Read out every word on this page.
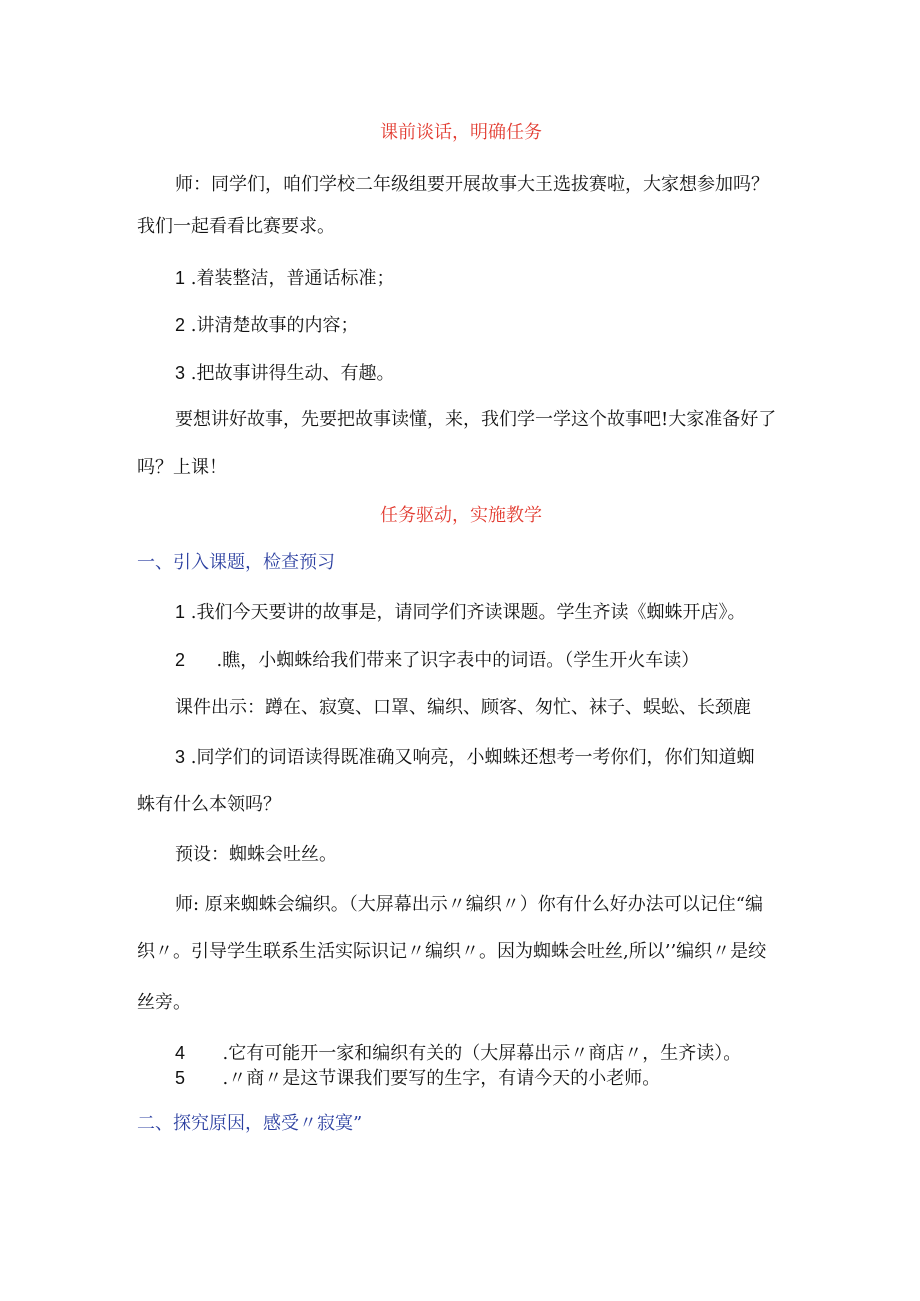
课前谈话，明确任务
师：同学们，咱们学校二年级组要开展故事大王选拔赛啦，大家想参加吗？
我们一起看看比赛要求。
1 .着装整洁，普通话标准；
2 .讲清楚故事的内容；
3 .把故事讲得生动、有趣。
要想讲好故事，先要把故事读懂，来，我们学一学这个故事吧!大家准备好了
吗？上课！
任务驱动，实施教学
一、引入课题，检查预习
1 .我们今天要讲的故事是，请同学们齐读课题。学生齐读《蜘蛛开店》。
2 .瞧，小蜘蛛给我们带来了识字表中的词语。（学生开火车读）
课件出示：蹲在、寂寞、口罩、编织、顾客、匆忙、袜子、蜈蚣、长颈鹿
3 .同学们的词语读得既准确又响亮，小蜘蛛还想考一考你们，你们知道蜘
蛛有什么本领吗？
预设：蜘蛛会吐丝。
师: 原来蜘蛛会编织。（大屏幕出示〃编织〃）你有什么好办法可以记住“编
织〃。引导学生联系生活实际识记〃编织〃。因为蜘蛛会吐丝,所以’’编织〃是绞
丝旁。
4 .它有可能开一家和编织有关的（大屏幕出示〃商店〃，生齐读）。
5 .〃商〃是这节课我们要写的生字，有请今天的小老师。
二、探究原因，感受〃寂寞”
